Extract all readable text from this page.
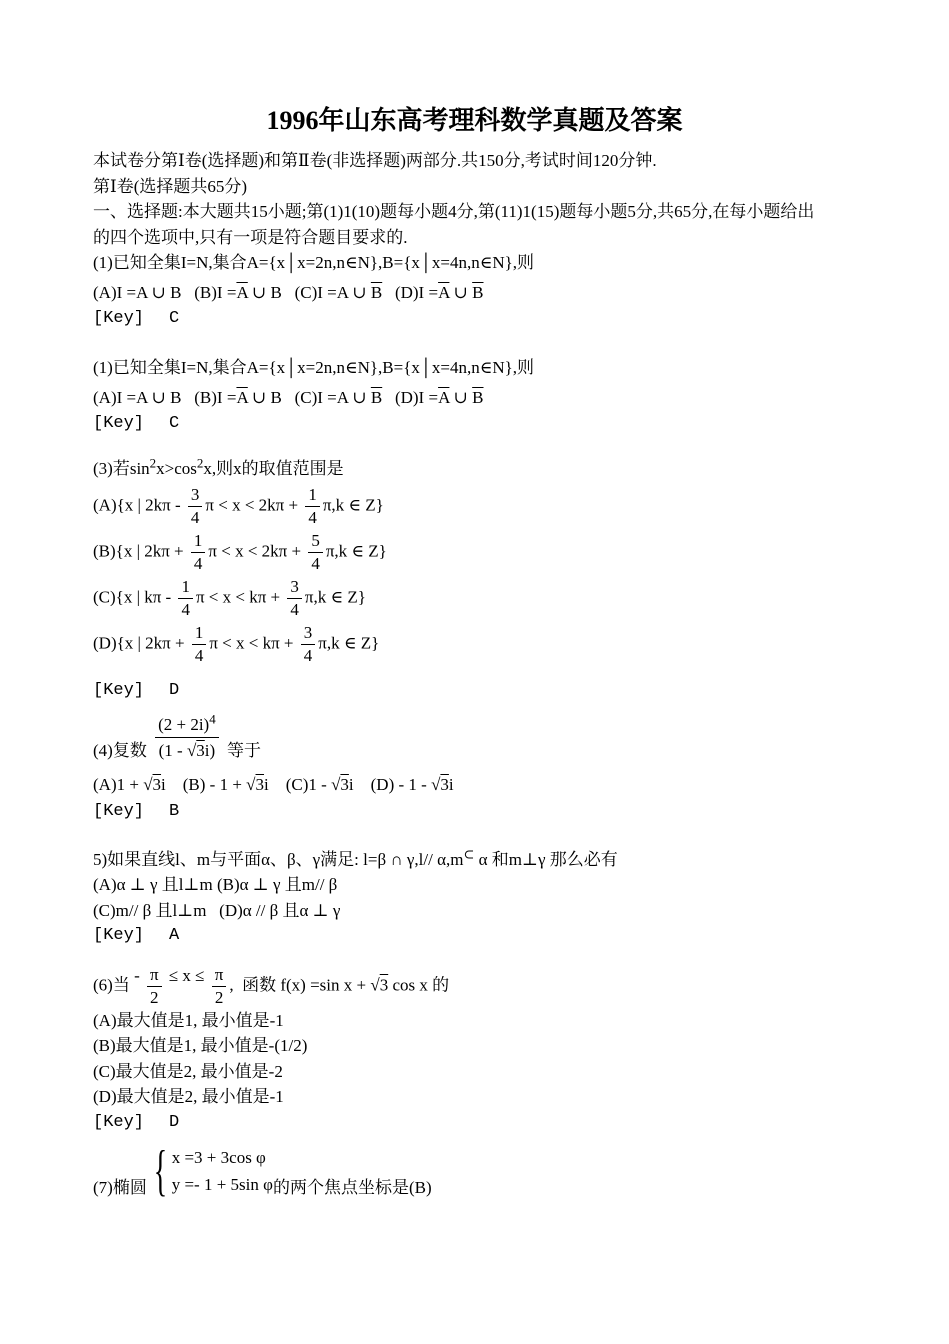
1996年山东高考理科数学真题及答案
本试卷分第Ⅰ卷(选择题)和第Ⅱ卷(非选择题)两部分.共150分,考试时间120分钟.
第Ⅰ卷(选择题共65分)
一、选择题:本大题共15小题;第(1)1(10)题每小题4分,第(11)1(15)题每小题5分,共65分,在每小题给出
的四个选项中,只有一项是符合题目要求的.
(1)已知全集I=N,集合A={x│x=2n,n∈N},B={x│x=4n,n∈N},则
(A)I =A ∪ B   $(B)I =\overline{A}$ ∪ B   (C)I =A ∪ $\overline{B}$   $(D)I =\overline{A}$ ∪ $\overline{B}$
[Key] C
(1)已知全集I=N,集合A={x│x=2n,n∈N},B={x│x=4n,n∈N},则
(A)I =A ∪ B   $(B)I =\overline{A}$ ∪ B   (C)I =A ∪ $\overline{B}$   $(D)I =\overline{A}$ ∪ $\overline{B}$
[Key] C
(3)若$\sin^2x>\cos^2x$,则x的取值范围是
(A){x | $2k\pi - \frac{3}{4}$ $\pi < x < 2k\pi + \frac{1}{4} \pi,k$ ∈ Z}
(B){x | $2k\pi + \frac{1}{4}$ $\pi < x < 2k\pi + \frac{5}{4} \pi,k$ ∈ Z}
(C){x | kπ - $\frac{1}{4}$ $\pi < x < k\pi + \frac{3}{4} \pi,k$ ∈ Z}
(D){x | $2k\pi + \frac{1}{4}$ $\pi < x < k\pi + \frac{3}{4} \pi,k$ ∈ Z}
[Key] D
(4)复数 $\frac{(2 + 2i)^4}{(1 - √3i)}$ 等于
(A)1 + √3i    (B) - 1 + √3i    (C)1 - √3i    (D) - 1 - √3i
[Key] B
5)如果直线l、m与平面α、β、γ满足: l=β ∩ γ,l// α,m⊂ α 和m⊥γ 那么必有
(A)α ⊥ γ 且l⊥m (B)α ⊥ γ 且m// β
(C)m// β 且l⊥m   (D)α // β 且α ⊥ γ
[Key] A
(6)当 - $\frac{\pi}{2} \le x \le \frac{\pi}{2}$ ,  函数 f(x) =sin x + √3 cos x 的
(A)最大值是1, 最小值是-1
(B)最大值是1, 最小值是-(1/2)
(C)最大值是2, 最小值是-2
(D)最大值是2, 最小值是-1
[Key] D
(7)椭圆 { x =3 + 3cos φ
y =- 1 + 5sin φ 的两个焦点坐标是(B)
